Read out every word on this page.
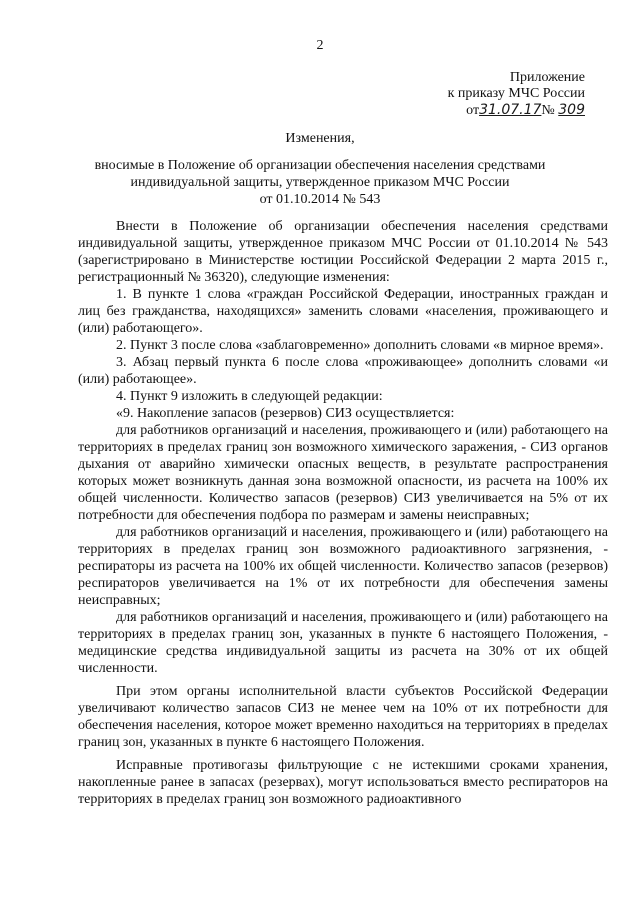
2
Приложение
к приказу МЧС России
от31.07.17№ 309
Изменения,
вносимые в Положение об организации обеспечения населения средствами
индивидуальной защиты, утвержденное приказом МЧС России
от 01.10.2014 № 543

Внести в Положение об организации обеспечения населения средствами индивидуальной защиты, утвержденное приказом МЧС России от 01.10.2014 № 543 (зарегистрировано в Министерстве юстиции Российской Федерации 2 марта 2015 г., регистрационный № 36320), следующие изменения:

1. В пункте 1 слова «граждан Российской Федерации, иностранных граждан и лиц без гражданства, находящихся» заменить словами «населения, проживающего и (или) работающего».

2. Пункт 3 после слова «заблаговременно» дополнить словами «в мирное время».

3. Абзац первый пункта 6 после слова «проживающее» дополнить словами «и (или) работающее».

4. Пункт 9 изложить в следующей редакции:

«9. Накопление запасов (резервов) СИЗ осуществляется:

для работников организаций и населения, проживающего и (или) работающего на территориях в пределах границ зон возможного химического заражения, - СИЗ органов дыхания от аварийно химически опасных веществ, в результате распространения которых может возникнуть данная зона возможной опасности, из расчета на 100% их общей численности. Количество запасов (резервов) СИЗ увеличивается на 5% от их потребности для обеспечения подбора по размерам и замены неисправных;

для работников организаций и населения, проживающего и (или) работающего на территориях в пределах границ зон возможного радиоактивного загрязнения, - респираторы из расчета на 100% их общей численности. Количество запасов (резервов) респираторов увеличивается на 1% от их потребности для обеспечения замены неисправных;

для работников организаций и населения, проживающего и (или) работающего на территориях в пределах границ зон, указанных в пункте 6 настоящего Положения, - медицинские средства индивидуальной защиты из расчета на 30% от их общей численности.

При этом органы исполнительной власти субъектов Российской Федерации увеличивают количество запасов СИЗ не менее чем на 10% от их потребности для обеспечения населения, которое может временно находиться на территориях в пределах границ зон, указанных в пункте 6 настоящего Положения.

Исправные противогазы фильтрующие с не истекшими сроками хранения, накопленные ранее в запасах (резервах), могут использоваться вместо респираторов на территориях в пределах границ зон возможного радиоактивного
